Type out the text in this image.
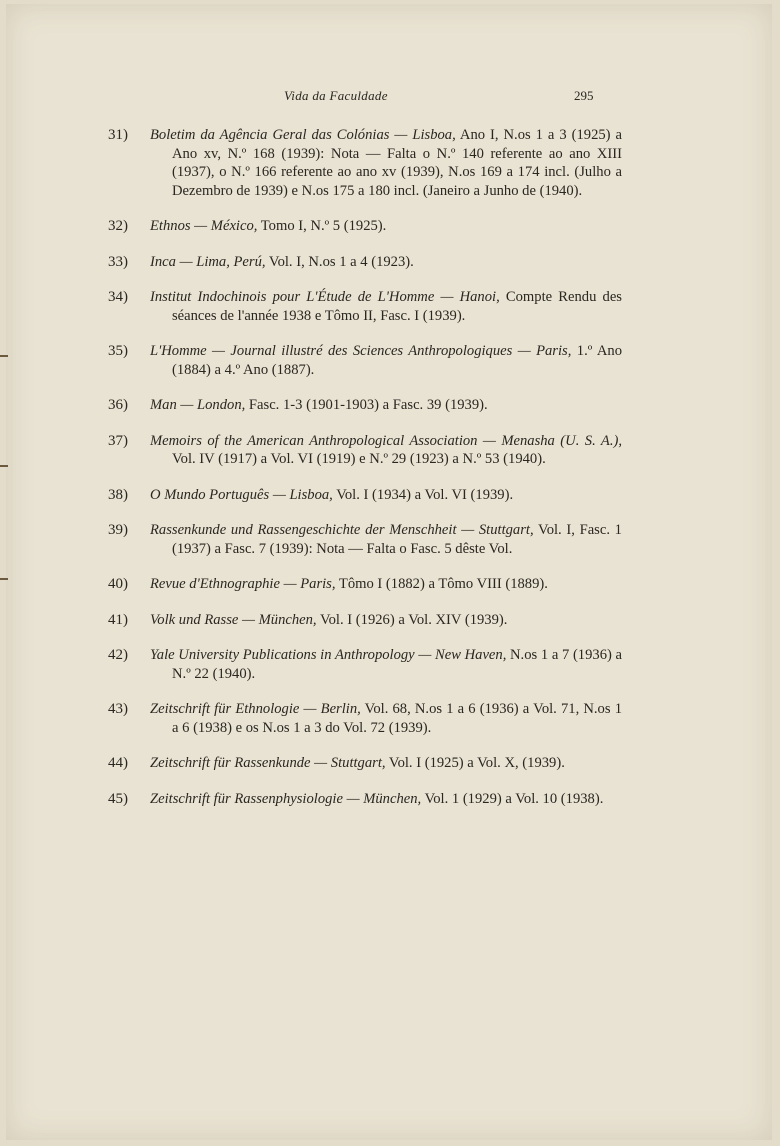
Vida da Faculdade	295
31)	Boletim da Agência Geral das Colónias — Lisboa, Ano I, N.os 1 a 3 (1925) a Ano xv, N.º 168 (1939): Nota — Falta o N.º 140 referente ao ano XIII (1937), o N.º 166 referente ao ano xv (1939), N.os 169 a 174 incl. (Julho a Dezembro de 1939) e N.os 175 a 180 incl. (Janeiro a Junho de (1940).
32)	Ethnos — México, Tomo I, N.º 5 (1925).
33)	Inca — Lima, Perú, Vol. I, N.os 1 a 4 (1923).
34)	Institut Indochinois pour L'Étude de L'Homme — Hanoi, Compte Rendu des séances de l'année 1938 e Tômo II, Fasc. I (1939).
35)	L'Homme — Journal illustré des Sciences Anthropologiques — Paris, 1.º Ano (1884) a 4.º Ano (1887).
36)	Man — London, Fasc. 1-3 (1901-1903) a Fasc. 39 (1939).
37)	Memoirs of the American Anthropological Association — Menasha (U. S. A.), Vol. IV (1917) a Vol. VI (1919) e N.º 29 (1923) a N.º 53 (1940).
38)	O Mundo Português — Lisboa, Vol. I (1934) a Vol. VI (1939).
39)	Rassenkunde und Rassengeschichte der Menschheit — Stuttgart, Vol. I, Fasc. 1 (1937) a Fasc. 7 (1939): Nota — Falta o Fasc. 5 dêste Vol.
40)	Revue d'Ethnographie — Paris, Tômo I (1882) a Tômo VIII (1889).
41)	Volk und Rasse — München, Vol. I (1926) a Vol. XIV (1939).
42)	Yale University Publications in Anthropology — New Haven, N.os 1 a 7 (1936) a N.º 22 (1940).
43)	Zeitschrift für Ethnologie — Berlin, Vol. 68, N.os 1 a 6 (1936) a Vol. 71, N.os 1 a 6 (1938) e os N.os 1 a 3 do Vol. 72 (1939).
44)	Zeitschrift für Rassenkunde — Stuttgart, Vol. I (1925) a Vol. X, (1939).
45)	Zeitschrift für Rassenphysiologie — München, Vol. 1 (1929) a Vol. 10 (1938).
